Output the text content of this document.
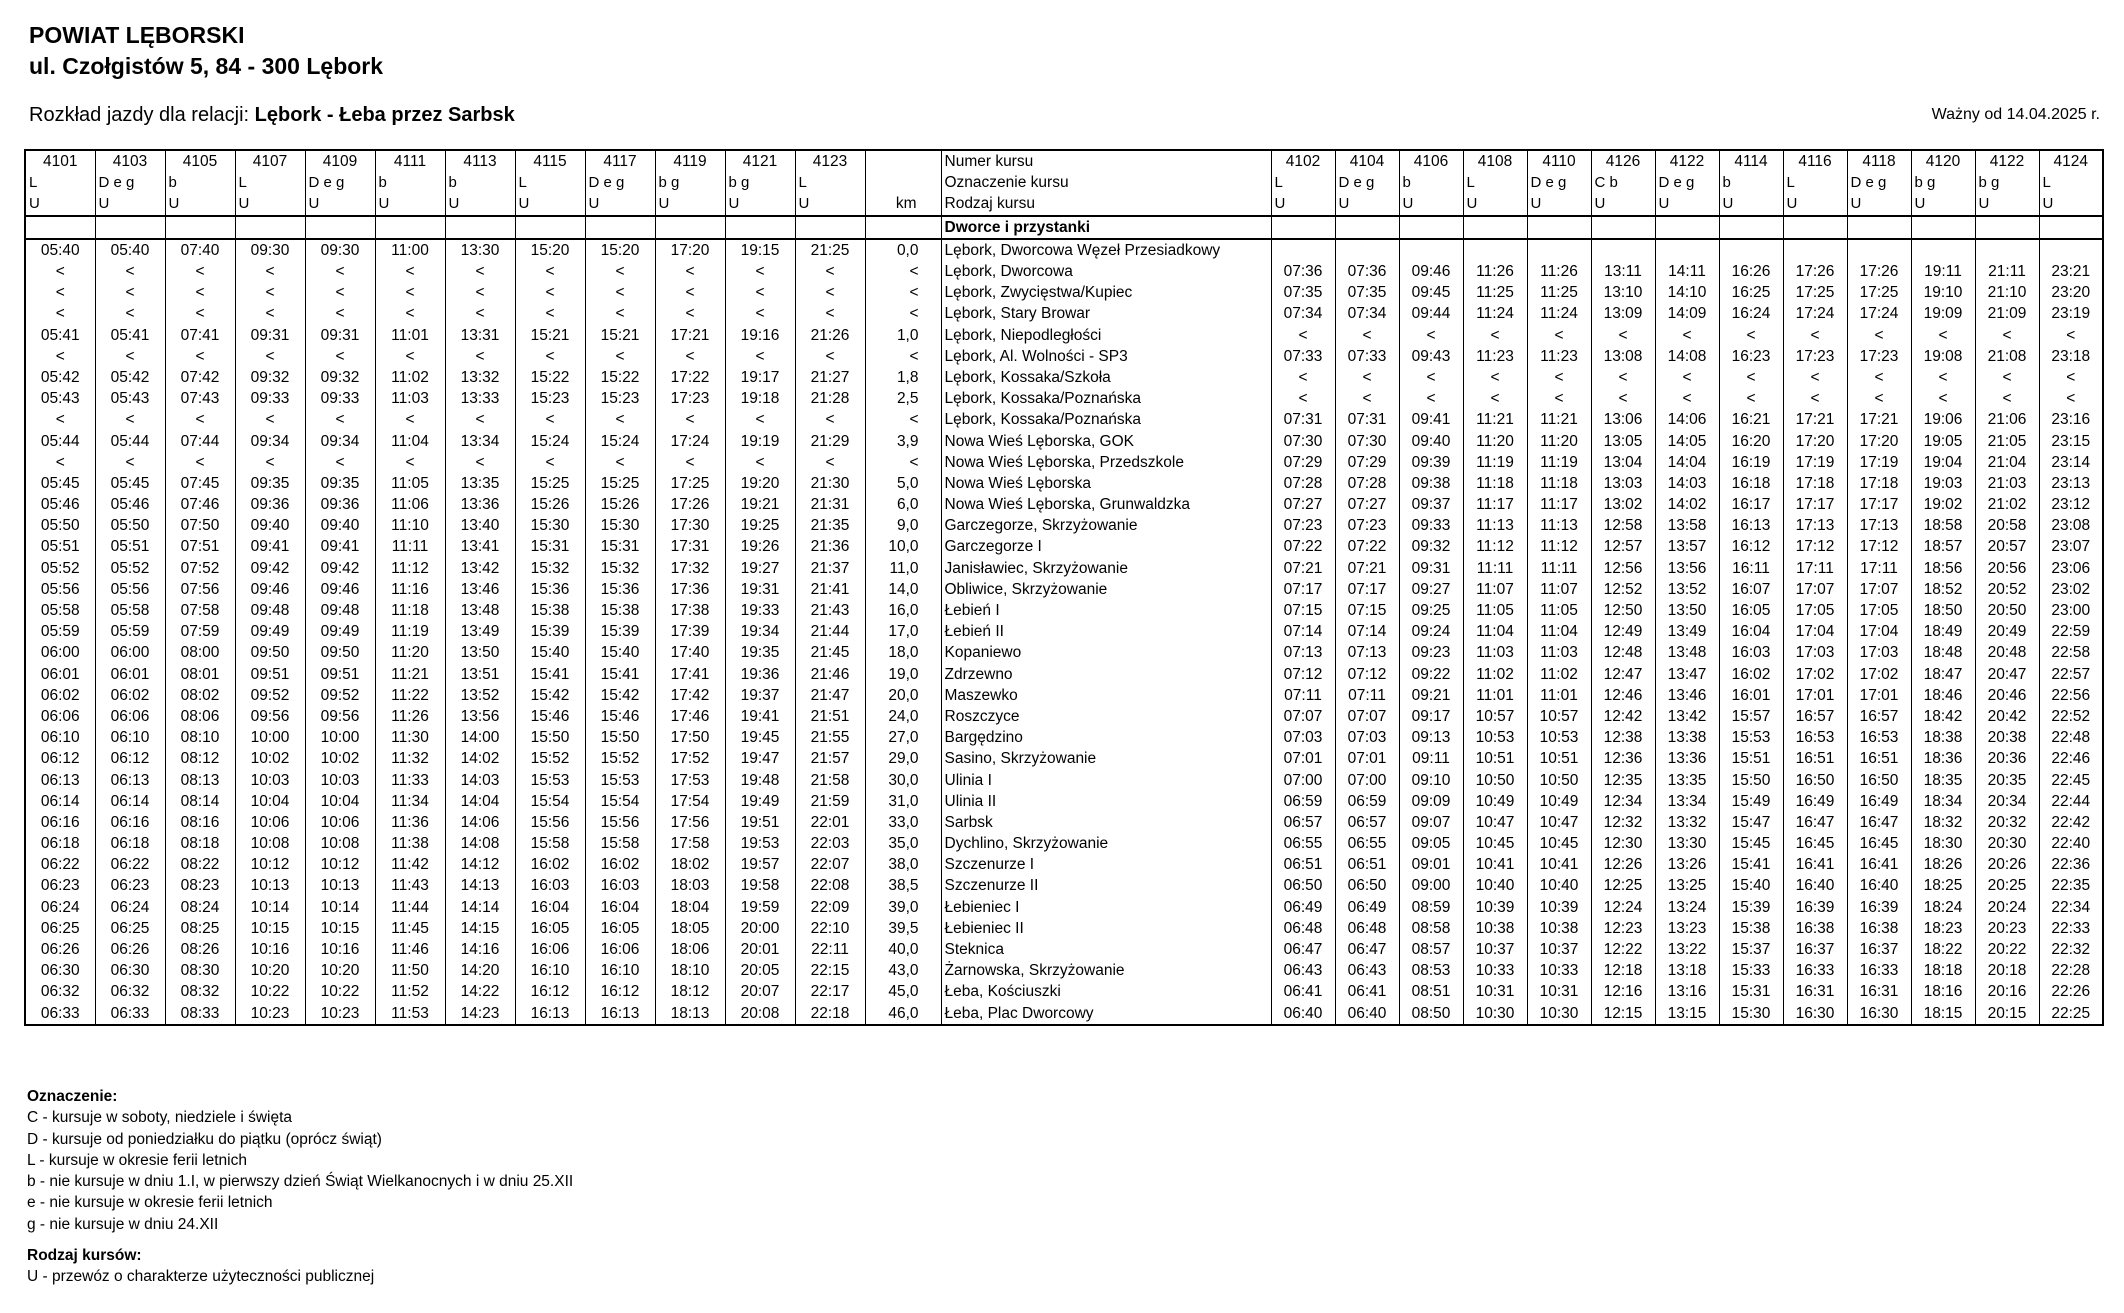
POWIAT LĘBORSKI
ul. Czołgistów 5, 84 - 300 Lębork
Rozkład jazdy dla relacji: Lębork - Łeba przez Sarbsk	Ważny od 14.04.2025 r.
4101	4103	4105	4107	4109	4111	4113	4115	4117	4119	4121	4123		Numer kursu	4102	4104	4106	4108	4110	4126	4122	4114	4116	4118	4120	4122	4124
L	D e g	b	L	D e g	b	b	L	D e g	b g	b g	L		Oznaczenie kursu	L	D e g	b	L	D e g	C b	D e g	b	L	D e g	b g	b g	L
U	U	U	U	U	U	U	U	U	U	U	U	km	Rodzaj kursu	U	U	U	U	U	U	U	U	U	U	U	U	U
													Dworce i przystanki													
05:40	05:40	07:40	09:30	09:30	11:00	13:30	15:20	15:20	17:20	19:15	21:25	0,0	Lębork, Dworcowa Węzeł Przesiadkowy													
<	<	<	<	<	<	<	<	<	<	<	<	<	Lębork, Dworcowa	07:36	07:36	09:46	11:26	11:26	13:11	14:11	16:26	17:26	17:26	19:11	21:11	23:21
<	<	<	<	<	<	<	<	<	<	<	<	<	Lębork, Zwycięstwa/Kupiec	07:35	07:35	09:45	11:25	11:25	13:10	14:10	16:25	17:25	17:25	19:10	21:10	23:20
<	<	<	<	<	<	<	<	<	<	<	<	<	Lębork, Stary Browar	07:34	07:34	09:44	11:24	11:24	13:09	14:09	16:24	17:24	17:24	19:09	21:09	23:19
05:41	05:41	07:41	09:31	09:31	11:01	13:31	15:21	15:21	17:21	19:16	21:26	1,0	Lębork, Niepodległości	<	<	<	<	<	<	<	<	<	<	<	<	<
<	<	<	<	<	<	<	<	<	<	<	<	<	Lębork, Al. Wolności - SP3	07:33	07:33	09:43	11:23	11:23	13:08	14:08	16:23	17:23	17:23	19:08	21:08	23:18
05:42	05:42	07:42	09:32	09:32	11:02	13:32	15:22	15:22	17:22	19:17	21:27	1,8	Lębork, Kossaka/Szkoła	<	<	<	<	<	<	<	<	<	<	<	<	<
05:43	05:43	07:43	09:33	09:33	11:03	13:33	15:23	15:23	17:23	19:18	21:28	2,5	Lębork, Kossaka/Poznańska	<	<	<	<	<	<	<	<	<	<	<	<	<
<	<	<	<	<	<	<	<	<	<	<	<	<	Lębork, Kossaka/Poznańska	07:31	07:31	09:41	11:21	11:21	13:06	14:06	16:21	17:21	17:21	19:06	21:06	23:16
05:44	05:44	07:44	09:34	09:34	11:04	13:34	15:24	15:24	17:24	19:19	21:29	3,9	Nowa Wieś Lęborska, GOK	07:30	07:30	09:40	11:20	11:20	13:05	14:05	16:20	17:20	17:20	19:05	21:05	23:15
<	<	<	<	<	<	<	<	<	<	<	<	<	Nowa Wieś Lęborska, Przedszkole	07:29	07:29	09:39	11:19	11:19	13:04	14:04	16:19	17:19	17:19	19:04	21:04	23:14
05:45	05:45	07:45	09:35	09:35	11:05	13:35	15:25	15:25	17:25	19:20	21:30	5,0	Nowa Wieś Lęborska	07:28	07:28	09:38	11:18	11:18	13:03	14:03	16:18	17:18	17:18	19:03	21:03	23:13
05:46	05:46	07:46	09:36	09:36	11:06	13:36	15:26	15:26	17:26	19:21	21:31	6,0	Nowa Wieś Lęborska, Grunwaldzka	07:27	07:27	09:37	11:17	11:17	13:02	14:02	16:17	17:17	17:17	19:02	21:02	23:12
05:50	05:50	07:50	09:40	09:40	11:10	13:40	15:30	15:30	17:30	19:25	21:35	9,0	Garczegorze, Skrzyżowanie	07:23	07:23	09:33	11:13	11:13	12:58	13:58	16:13	17:13	17:13	18:58	20:58	23:08
05:51	05:51	07:51	09:41	09:41	11:11	13:41	15:31	15:31	17:31	19:26	21:36	10,0	Garczegorze I	07:22	07:22	09:32	11:12	11:12	12:57	13:57	16:12	17:12	17:12	18:57	20:57	23:07
05:52	05:52	07:52	09:42	09:42	11:12	13:42	15:32	15:32	17:32	19:27	21:37	11,0	Janisławiec, Skrzyżowanie	07:21	07:21	09:31	11:11	11:11	12:56	13:56	16:11	17:11	17:11	18:56	20:56	23:06
05:56	05:56	07:56	09:46	09:46	11:16	13:46	15:36	15:36	17:36	19:31	21:41	14,0	Obliwice, Skrzyżowanie	07:17	07:17	09:27	11:07	11:07	12:52	13:52	16:07	17:07	17:07	18:52	20:52	23:02
05:58	05:58	07:58	09:48	09:48	11:18	13:48	15:38	15:38	17:38	19:33	21:43	16,0	Łebień I	07:15	07:15	09:25	11:05	11:05	12:50	13:50	16:05	17:05	17:05	18:50	20:50	23:00
05:59	05:59	07:59	09:49	09:49	11:19	13:49	15:39	15:39	17:39	19:34	21:44	17,0	Łebień II	07:14	07:14	09:24	11:04	11:04	12:49	13:49	16:04	17:04	17:04	18:49	20:49	22:59
06:00	06:00	08:00	09:50	09:50	11:20	13:50	15:40	15:40	17:40	19:35	21:45	18,0	Kopaniewo	07:13	07:13	09:23	11:03	11:03	12:48	13:48	16:03	17:03	17:03	18:48	20:48	22:58
06:01	06:01	08:01	09:51	09:51	11:21	13:51	15:41	15:41	17:41	19:36	21:46	19,0	Zdrzewno	07:12	07:12	09:22	11:02	11:02	12:47	13:47	16:02	17:02	17:02	18:47	20:47	22:57
06:02	06:02	08:02	09:52	09:52	11:22	13:52	15:42	15:42	17:42	19:37	21:47	20,0	Maszewko	07:11	07:11	09:21	11:01	11:01	12:46	13:46	16:01	17:01	17:01	18:46	20:46	22:56
06:06	06:06	08:06	09:56	09:56	11:26	13:56	15:46	15:46	17:46	19:41	21:51	24,0	Roszczyce	07:07	07:07	09:17	10:57	10:57	12:42	13:42	15:57	16:57	16:57	18:42	20:42	22:52
06:10	06:10	08:10	10:00	10:00	11:30	14:00	15:50	15:50	17:50	19:45	21:55	27,0	Bargędzino	07:03	07:03	09:13	10:53	10:53	12:38	13:38	15:53	16:53	16:53	18:38	20:38	22:48
06:12	06:12	08:12	10:02	10:02	11:32	14:02	15:52	15:52	17:52	19:47	21:57	29,0	Sasino, Skrzyżowanie	07:01	07:01	09:11	10:51	10:51	12:36	13:36	15:51	16:51	16:51	18:36	20:36	22:46
06:13	06:13	08:13	10:03	10:03	11:33	14:03	15:53	15:53	17:53	19:48	21:58	30,0	Ulinia I	07:00	07:00	09:10	10:50	10:50	12:35	13:35	15:50	16:50	16:50	18:35	20:35	22:45
06:14	06:14	08:14	10:04	10:04	11:34	14:04	15:54	15:54	17:54	19:49	21:59	31,0	Ulinia II	06:59	06:59	09:09	10:49	10:49	12:34	13:34	15:49	16:49	16:49	18:34	20:34	22:44
06:16	06:16	08:16	10:06	10:06	11:36	14:06	15:56	15:56	17:56	19:51	22:01	33,0	Sarbsk	06:57	06:57	09:07	10:47	10:47	12:32	13:32	15:47	16:47	16:47	18:32	20:32	22:42
06:18	06:18	08:18	10:08	10:08	11:38	14:08	15:58	15:58	17:58	19:53	22:03	35,0	Dychlino, Skrzyżowanie	06:55	06:55	09:05	10:45	10:45	12:30	13:30	15:45	16:45	16:45	18:30	20:30	22:40
06:22	06:22	08:22	10:12	10:12	11:42	14:12	16:02	16:02	18:02	19:57	22:07	38,0	Szczenurze I	06:51	06:51	09:01	10:41	10:41	12:26	13:26	15:41	16:41	16:41	18:26	20:26	22:36
06:23	06:23	08:23	10:13	10:13	11:43	14:13	16:03	16:03	18:03	19:58	22:08	38,5	Szczenurze II	06:50	06:50	09:00	10:40	10:40	12:25	13:25	15:40	16:40	16:40	18:25	20:25	22:35
06:24	06:24	08:24	10:14	10:14	11:44	14:14	16:04	16:04	18:04	19:59	22:09	39,0	Łebieniec I	06:49	06:49	08:59	10:39	10:39	12:24	13:24	15:39	16:39	16:39	18:24	20:24	22:34
06:25	06:25	08:25	10:15	10:15	11:45	14:15	16:05	16:05	18:05	20:00	22:10	39,5	Łebieniec II	06:48	06:48	08:58	10:38	10:38	12:23	13:23	15:38	16:38	16:38	18:23	20:23	22:33
06:26	06:26	08:26	10:16	10:16	11:46	14:16	16:06	16:06	18:06	20:01	22:11	40,0	Steknica	06:47	06:47	08:57	10:37	10:37	12:22	13:22	15:37	16:37	16:37	18:22	20:22	22:32
06:30	06:30	08:30	10:20	10:20	11:50	14:20	16:10	16:10	18:10	20:05	22:15	43,0	Żarnowska, Skrzyżowanie	06:43	06:43	08:53	10:33	10:33	12:18	13:18	15:33	16:33	16:33	18:18	20:18	22:28
06:32	06:32	08:32	10:22	10:22	11:52	14:22	16:12	16:12	18:12	20:07	22:17	45,0	Łeba, Kościuszki	06:41	06:41	08:51	10:31	10:31	12:16	13:16	15:31	16:31	16:31	18:16	20:16	22:26
06:33	06:33	08:33	10:23	10:23	11:53	14:23	16:13	16:13	18:13	20:08	22:18	46,0	Łeba, Plac Dworcowy	06:40	06:40	08:50	10:30	10:30	12:15	13:15	15:30	16:30	16:30	18:15	20:15	22:25
Oznaczenie:
C - kursuje w soboty, niedziele i święta
D - kursuje od poniedziałku do piątku (oprócz świąt)
L - kursuje w okresie ferii letnich
b - nie kursuje w dniu 1.I, w pierwszy dzień Świąt Wielkanocnych i w dniu 25.XII
e - nie kursuje w okresie ferii letnich
g - nie kursuje w dniu 24.XII
Rodzaj kursów:
U - przewóz o charakterze użyteczności publicznej
